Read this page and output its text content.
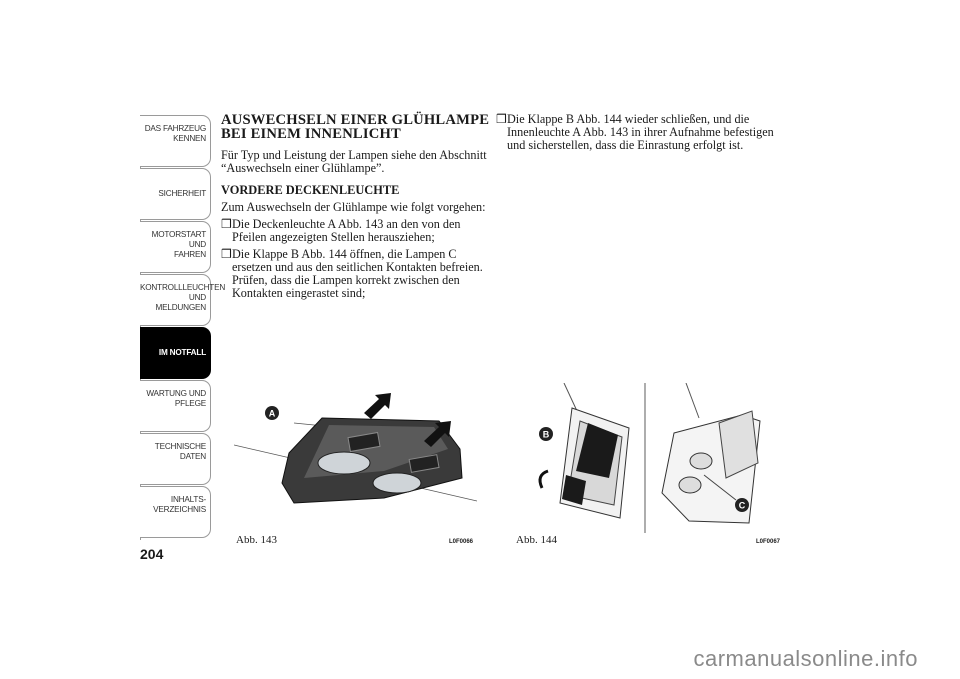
DAS FAHRZEUG
KENNEN
SICHERHEIT
MOTORSTART UND
FAHREN
KONTROLLLEUCHTEN
UND MELDUNGEN
IM NOTFALL
WARTUNG UND
PFLEGE
TECHNISCHE
DATEN
INHALTS-
VERZEICHNIS
204
AUSWECHSELN EINER GLÜHLAMPE
BEI EINEM INNENLICHT

Für Typ und Leistung der Lampen siehe den Abschnitt “Auswechseln einer Glühlampe”.

VORDERE DECKENLEUCHTE

Zum Auswechseln der Glühlampe wie folgt vorgehen:

❒ Die Deckenleuchte A Abb. 143 an den von den Pfeilen angezeigten Stellen herausziehen;
❒ Die Klappe B Abb. 144 öffnen, die Lampen C ersetzen und aus den seitlichen Kontakten befreien. Prüfen, dass die Lampen korrekt zwischen den Kontakten eingerastet sind;
❒ Die Klappe B Abb. 144 wieder schließen, und die Innenleuchte A Abb. 143 in ihrer Aufnahme befestigen und sicherstellen, dass die Einrastung erfolgt ist.
A
Abb. 143	L0F0066
B
C
Abb. 144	L0F0067
carmanualsonline.info
